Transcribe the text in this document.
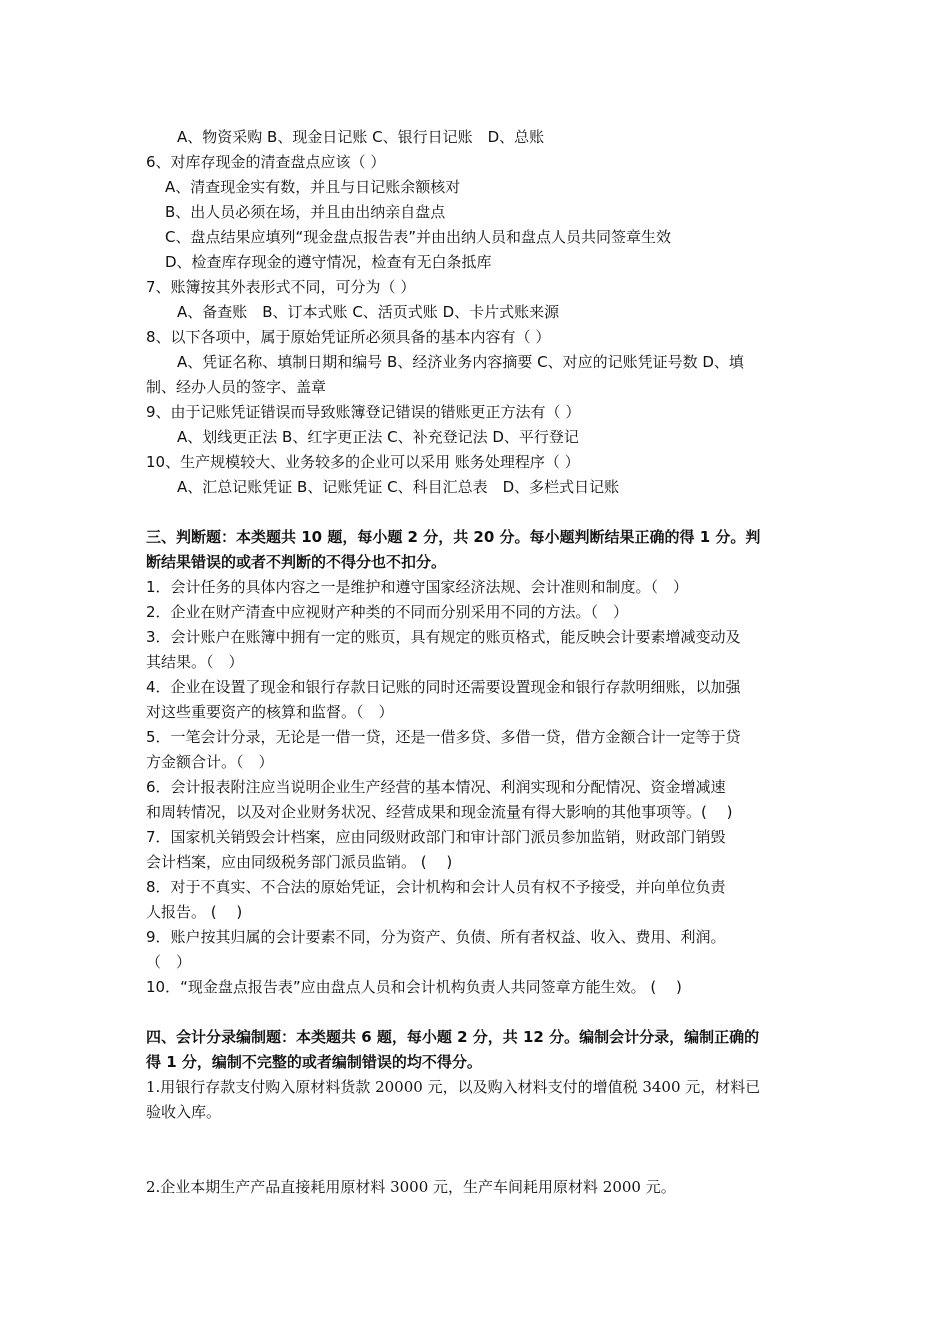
A、物资采购 B、现金日记账 C、银行日记账　D、总账
6、对库存现金的清查盘点应该（ ）
A、清查现金实有数，并且与日记账余额核对
B、出人员必须在场，并且由出纳亲自盘点
C、盘点结果应填列“现金盘点报告表”并由出纳人员和盘点人员共同签章生效
D、检查库存现金的遵守情况，检查有无白条抵库
7、账簿按其外表形式不同，可分为（ ）
A、备查账　B、订本式账 C、活页式账 D、卡片式账来源
8、以下各项中，属于原始凭证所必须具备的基本内容有（ ）
A、凭证名称、填制日期和编号 B、经济业务内容摘要 C、对应的记账凭证号数 D、填
制、经办人员的签字、盖章
9、由于记账凭证错误而导致账簿登记错误的错账更正方法有（ ）
A、划线更正法 B、红字更正法 C、补充登记法 D、平行登记
10、生产规模较大、业务较多的企业可以采用 账务处理程序（ ）
A、汇总记账凭证 B、记账凭证 C、科目汇总表　D、多栏式日记账
三、判断题：本类题共 10 题，每小题 2 分，共 20 分。每小题判断结果正确的得 1 分。判
断结果错误的或者不判断的不得分也不扣分。
1．会计任务的具体内容之一是维护和遵守国家经济法规、会计准则和制度。（　）
2．企业在财产清查中应视财产种类的不同而分别采用不同的方法。（　）
3．会计账户在账簿中拥有一定的账页，具有规定的账页格式，能反映会计要素增减变动及
其结果。（　）
4．企业在设置了现金和银行存款日记账的同时还需要设置现金和银行存款明细账，以加强
对这些重要资产的核算和监督。（　）
5．一笔会计分录，无论是一借一贷，还是一借多贷、多借一贷，借方金额合计一定等于贷
方金额合计。（　）
6．会计报表附注应当说明企业生产经营的基本情况、利润实现和分配情况、资金增减速
和周转情况，以及对企业财务状况、经营成果和现金流量有得大影响的其他事项等。(　 )
7．国家机关销毁会计档案，应由同级财政部门和审计部门派员参加监销，财政部门销毁
会计档案，应由同级税务部门派员监销。 (　 )
8．对于不真实、不合法的原始凭证，会计机构和会计人员有权不予接受，并向单位负责
人报告。 (　 )
9．账户按其归属的会计要素不同，分为资产、负债、所有者权益、收入、费用、利润。
（　）
10．“现金盘点报告表”应由盘点人员和会计机构负责人共同签章方能生效。 (　 )
四、会计分录编制题：本类题共 6 题，每小题 2 分，共 12 分。编制会计分录，编制正确的
得 1 分，编制不完整的或者编制错误的均不得分。
1.用银行存款支付购入原材料货款 20000 元，以及购入材料支付的增值税 3400 元，材料已
验收入库。
2.企业本期生产产品直接耗用原材料 3000 元，生产车间耗用原材料 2000 元。
